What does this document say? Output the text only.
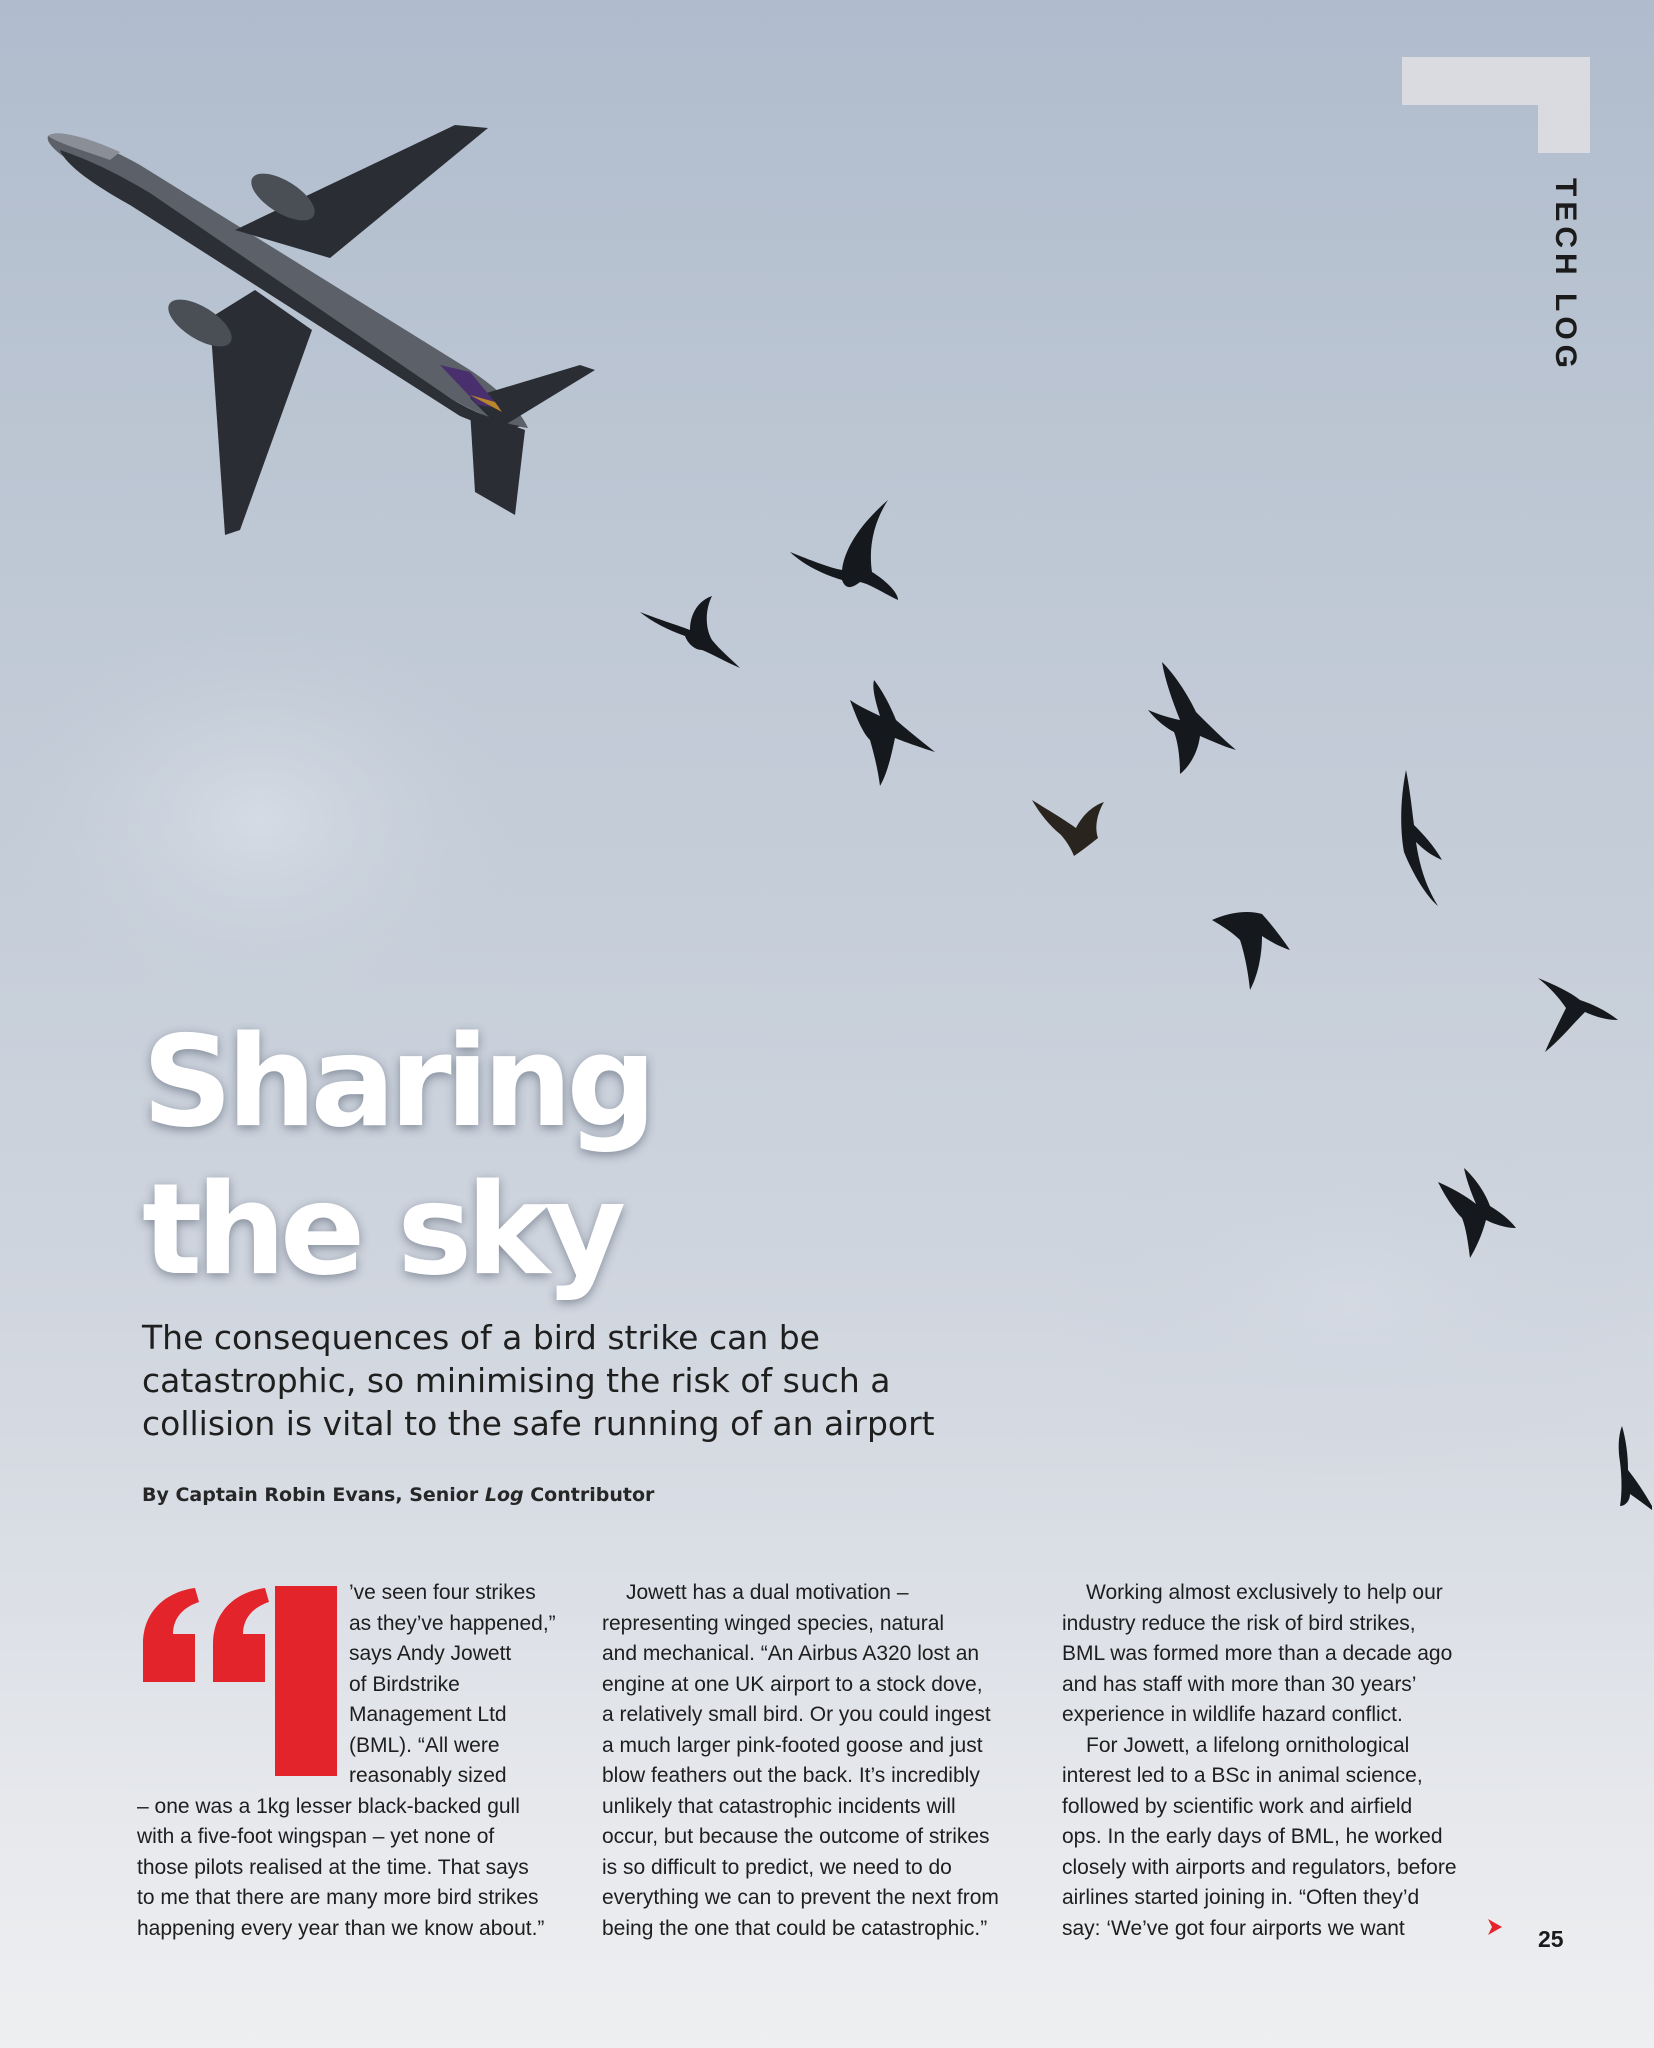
TECH LOG
Sharing
the sky

The consequences of a bird strike can be
catastrophic, so minimising the risk of such a
collision is vital to the safe running of an airport

By Captain Robin Evans, Senior Log Contributor
’ve seen four strikes
as they’ve happened,”
says Andy Jowett
of Birdstrike
Management Ltd
(BML). “All were
reasonably sized
– one was a 1kg lesser black-backed gull
with a five-foot wingspan – yet none of
those pilots realised at the time. That says
to me that there are many more bird strikes
happening every year than we know about.”
Jowett has a dual motivation –
representing winged species, natural
and mechanical. “An Airbus A320 lost an
engine at one UK airport to a stock dove,
a relatively small bird. Or you could ingest
a much larger pink-footed goose and just
blow feathers out the back. It’s incredibly
unlikely that catastrophic incidents will
occur, but because the outcome of strikes
is so difficult to predict, we need to do
everything we can to prevent the next from
being the one that could be catastrophic.”
Working almost exclusively to help our
industry reduce the risk of bird strikes,
BML was formed more than a decade ago
and has staff with more than 30 years’
experience in wildlife hazard conflict.
For Jowett, a lifelong ornithological
interest led to a BSc in animal science,
followed by scientific work and airfield
ops. In the early days of BML, he worked
closely with airports and regulators, before
airlines started joining in. “Often they’d
say: ‘We’ve got four airports we want	25
